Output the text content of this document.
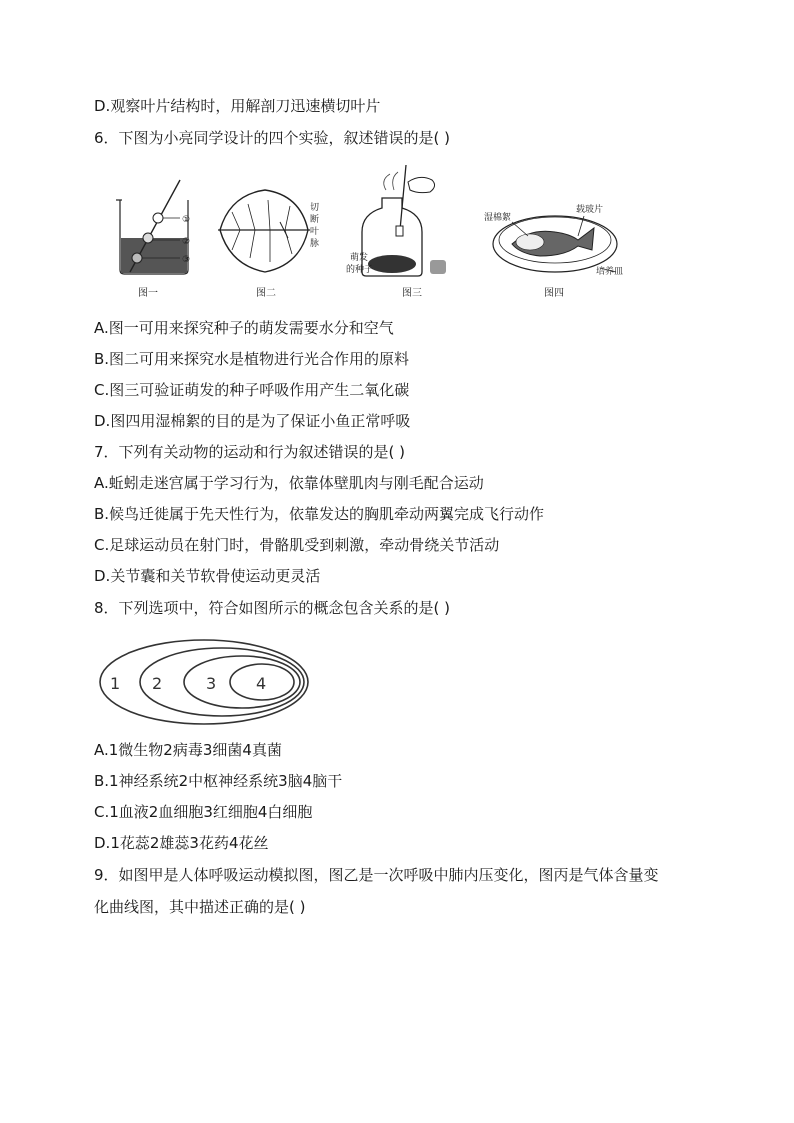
D.观察叶片结构时，用解剖刀迅速横切叶片
6．下图为小亮同学设计的四个实验，叙述错误的是( )
①
②
③
图一
切
断
叶
脉
图二
萌发
的种子
图三
湿棉絮
载玻片
培养皿
图四
A.图一可用来探究种子的萌发需要水分和空气
B.图二可用来探究水是植物进行光合作用的原料
C.图三可验证萌发的种子呼吸作用产生二氧化碳
D.图四用湿棉絮的目的是为了保证小鱼正常呼吸
7．下列有关动物的运动和行为叙述错误的是( )
A.蚯蚓走迷宫属于学习行为，依靠体壁肌肉与刚毛配合运动
B.候鸟迁徙属于先天性行为，依靠发达的胸肌牵动两翼完成飞行动作
C.足球运动员在射门时，骨骼肌受到刺激，牵动骨绕关节活动
D.关节囊和关节软骨使运动更灵活
8．下列选项中，符合如图所示的概念包含关系的是( )
1 2	3 4
A.1微生物2病毒3细菌4真菌
B.1神经系统2中枢神经系统3脑4脑干
C.1血液2血细胞3红细胞4白细胞
D.1花蕊2雄蕊3花药4花丝
9．如图甲是人体呼吸运动模拟图，图乙是一次呼吸中肺内压变化，图丙是气体含量变
化曲线图，其中描述正确的是( )
